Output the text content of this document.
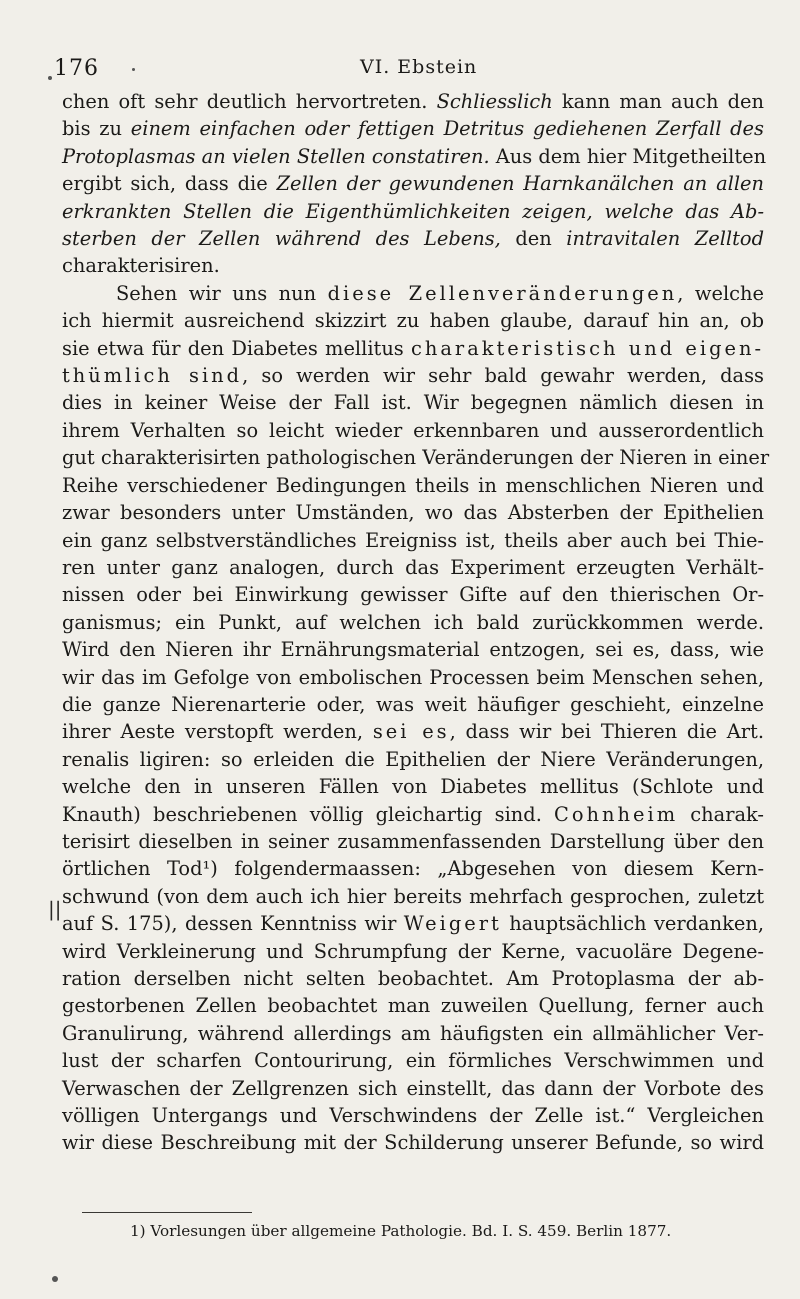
176	VI. Ebstein
||
chen oft sehr deutlich hervortreten. Schliesslich kann man auch den
bis zu einem einfachen oder fettigen Detritus gediehenen Zerfall des
Protoplasmas an vielen Stellen constatiren. Aus dem hier Mitgetheilten
ergibt sich, dass die Zellen der gewundenen Harnkanälchen an allen
erkrankten Stellen die Eigenthümlichkeiten zeigen, welche das Ab-
sterben der Zellen während des Lebens, den intravitalen Zelltod
charakterisiren.
Sehen wir uns nun diese Zellenveränderungen, welche
ich hiermit ausreichend skizzirt zu haben glaube, darauf hin an, ob
sie etwa für den Diabetes mellitus charakteristisch und eigen-
thümlich sind, so werden wir sehr bald gewahr werden, dass
dies in keiner Weise der Fall ist. Wir begegnen nämlich diesen in
ihrem Verhalten so leicht wieder erkennbaren und ausserordentlich
gut charakterisirten pathologischen Veränderungen der Nieren in einer
Reihe verschiedener Bedingungen theils in menschlichen Nieren und
zwar besonders unter Umständen, wo das Absterben der Epithelien
ein ganz selbstverständliches Ereigniss ist, theils aber auch bei Thie-
ren unter ganz analogen, durch das Experiment erzeugten Verhält-
nissen oder bei Einwirkung gewisser Gifte auf den thierischen Or-
ganismus; ein Punkt, auf welchen ich bald zurückkommen werde.
Wird den Nieren ihr Ernährungsmaterial entzogen, sei es, dass, wie
wir das im Gefolge von embolischen Processen beim Menschen sehen,
die ganze Nierenarterie oder, was weit häufiger geschieht, einzelne
ihrer Aeste verstopft werden, sei es, dass wir bei Thieren die Art.
renalis ligiren: so erleiden die Epithelien der Niere Veränderungen,
welche den in unseren Fällen von Diabetes mellitus (Schlote und
Knauth) beschriebenen völlig gleichartig sind. Cohnheim charak-
terisirt dieselben in seiner zusammenfassenden Darstellung über den
örtlichen Tod¹) folgendermaassen: „Abgesehen von diesem Kern-
schwund (von dem auch ich hier bereits mehrfach gesprochen, zuletzt
auf S. 175), dessen Kenntniss wir Weigert hauptsächlich verdanken,
wird Verkleinerung und Schrumpfung der Kerne, vacuoläre Degene-
ration derselben nicht selten beobachtet. Am Protoplasma der ab-
gestorbenen Zellen beobachtet man zuweilen Quellung, ferner auch
Granulirung, während allerdings am häufigsten ein allmählicher Ver-
lust der scharfen Contourirung, ein förmliches Verschwimmen und
Verwaschen der Zellgrenzen sich einstellt, das dann der Vorbote des
völligen Untergangs und Verschwindens der Zelle ist.“ Vergleichen
wir diese Beschreibung mit der Schilderung unserer Befunde, so wird
1) Vorlesungen über allgemeine Pathologie. Bd. I. S. 459. Berlin 1877.
